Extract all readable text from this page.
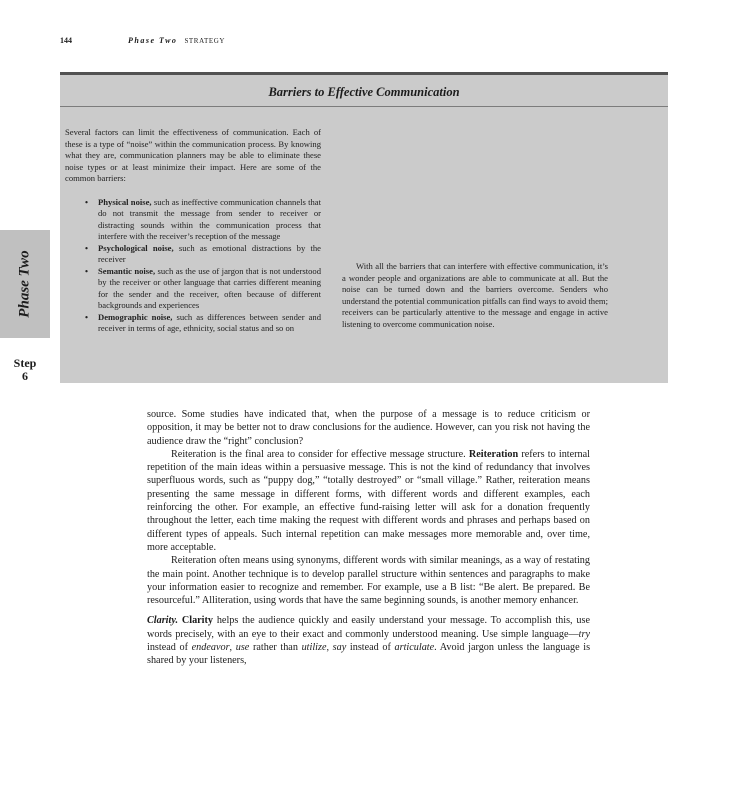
144	Phase Two STRATEGY
Barriers to Effective Communication

Several factors can limit the effectiveness of communication. Each of these is a type of “noise” within the communication process. By knowing what they are, communication planners may be able to eliminate these noise types or at least minimize their impact. Here are some of the common barriers:

• Physical noise, such as ineffective communication channels that do not transmit the message from sender to receiver or distracting sounds within the communication process that interfere with the receiver’s reception of the message
• Psychological noise, such as emotional distractions by the receiver
• Semantic noise, such as the use of jargon that is not understood by the receiver or other language that carries different meaning for the sender and the receiver, often because of different backgrounds and experiences
• Demographic noise, such as differences between sender and receiver in terms of age, ethnicity, social status and so on

With all the barriers that can interfere with effective communication, it’s a wonder people and organizations are able to communicate at all. But the noise can be turned down and the barriers overcome. Senders who understand the potential communication pitfalls can find ways to avoid them; receivers can be particularly attentive to the message and engage in active listening to overcome communication noise.

Phase Two
Step
6

source. Some studies have indicated that, when the purpose of a message is to reduce criticism or opposition, it may be better not to draw conclusions for the audience. However, can you risk not having the audience draw the “right” conclusion?

Reiteration is the final area to consider for effective message structure. Reiteration refers to internal repetition of the main ideas within a persuasive message. This is not the kind of redundancy that involves superfluous words, such as “puppy dog,” “totally destroyed” or “small village.” Rather, reiteration means presenting the same message in different forms, with different words and different examples, each reinforcing the other. For example, an effective fund-raising letter will ask for a donation frequently throughout the letter, each time making the request with different words and phrases and perhaps based on different types of appeals. Such internal repetition can make messages more memorable and, over time, more acceptable.

Reiteration often means using synonyms, different words with similar meanings, as a way of restating the main point. Another technique is to develop parallel structure within sentences and paragraphs to make your information easier to recognize and remember. For example, use a B list: “Be alert. Be prepared. Be resourceful.” Alliteration, using words that have the same beginning sounds, is another memory enhancer.

Clarity. Clarity helps the audience quickly and easily understand your message. To accomplish this, use words precisely, with an eye to their exact and commonly understood meaning. Use simple language—try instead of endeavor, use rather than utilize, say instead of articulate. Avoid jargon unless the language is shared by your listeners,
